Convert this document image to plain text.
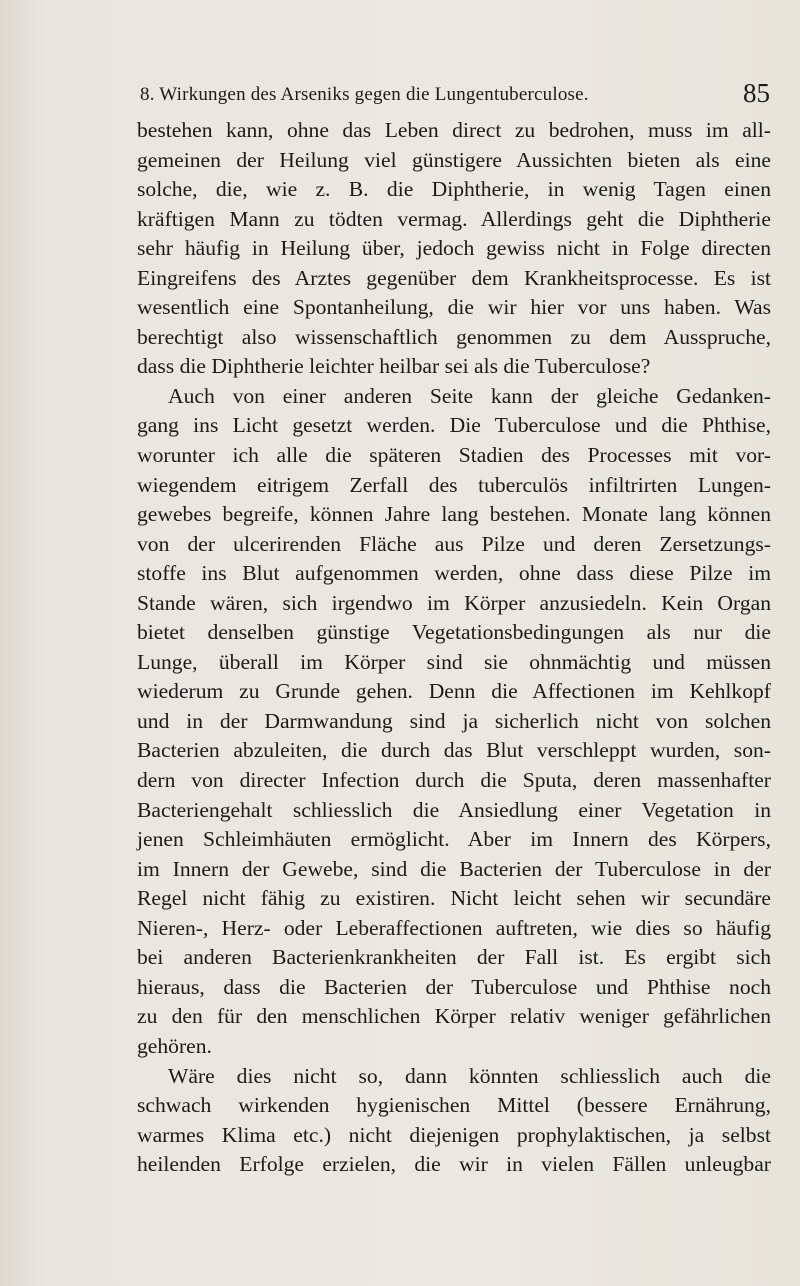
8. Wirkungen des Arseniks gegen die Lungentuberculose.	85
bestehen kann, ohne das Leben direct zu bedrohen, muss im all-
gemeinen der Heilung viel günstigere Aussichten bieten als eine
solche, die, wie z. B. die Diphtherie, in wenig Tagen einen
kräftigen Mann zu tödten vermag. Allerdings geht die Diphtherie
sehr häufig in Heilung über, jedoch gewiss nicht in Folge directen
Eingreifens des Arztes gegenüber dem Krankheitsprocesse. Es ist
wesentlich eine Spontanheilung, die wir hier vor uns haben. Was
berechtigt also wissenschaftlich genommen zu dem Ausspruche,
dass die Diphtherie leichter heilbar sei als die Tuberculose?
Auch von einer anderen Seite kann der gleiche Gedanken-
gang ins Licht gesetzt werden. Die Tuberculose und die Phthise,
worunter ich alle die späteren Stadien des Processes mit vor-
wiegendem eitrigem Zerfall des tuberculös infiltrirten Lungen-
gewebes begreife, können Jahre lang bestehen. Monate lang können
von der ulcerirenden Fläche aus Pilze und deren Zersetzungs-
stoffe ins Blut aufgenommen werden, ohne dass diese Pilze im
Stande wären, sich irgendwo im Körper anzusiedeln. Kein Organ
bietet denselben günstige Vegetationsbedingungen als nur die
Lunge, überall im Körper sind sie ohnmächtig und müssen
wiederum zu Grunde gehen. Denn die Affectionen im Kehlkopf
und in der Darmwandung sind ja sicherlich nicht von solchen
Bacterien abzuleiten, die durch das Blut verschleppt wurden, son-
dern von directer Infection durch die Sputa, deren massenhafter
Bacteriengehalt schliesslich die Ansiedlung einer Vegetation in
jenen Schleimhäuten ermöglicht. Aber im Innern des Körpers,
im Innern der Gewebe, sind die Bacterien der Tuberculose in der
Regel nicht fähig zu existiren. Nicht leicht sehen wir secundäre
Nieren-, Herz- oder Leberaffectionen auftreten, wie dies so häufig
bei anderen Bacterienkrankheiten der Fall ist. Es ergibt sich
hieraus, dass die Bacterien der Tuberculose und Phthise noch
zu den für den menschlichen Körper relativ weniger gefährlichen
gehören.
Wäre dies nicht so, dann könnten schliesslich auch die
schwach wirkenden hygienischen Mittel (bessere Ernährung,
warmes Klima etc.) nicht diejenigen prophylaktischen, ja selbst
heilenden Erfolge erzielen, die wir in vielen Fällen unleugbar
